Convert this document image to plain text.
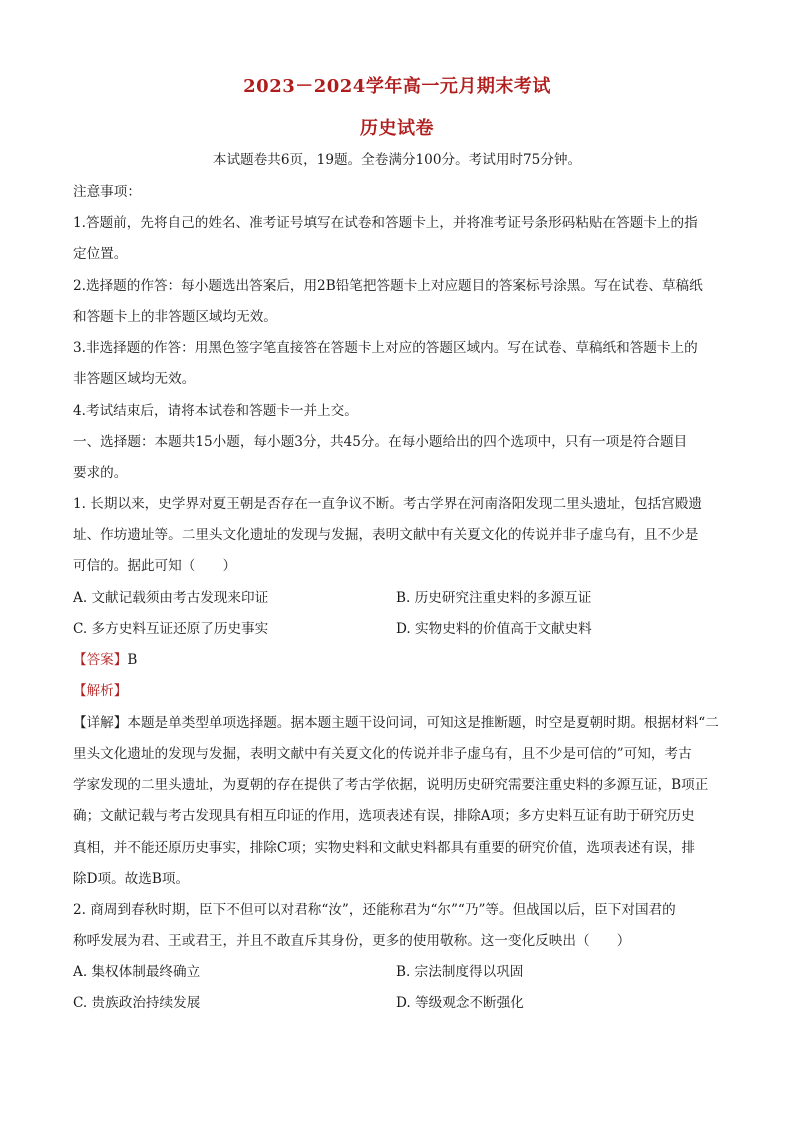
2023－2024学年高一元月期末考试
历史试卷
本试题卷共6页，19题。全卷满分100分。考试用时75分钟。
注意事项：
1.答题前，先将自己的姓名、准考证号填写在试卷和答题卡上，并将准考证号条形码粘贴在答题卡上的指
定位置。
2.选择题的作答：每小题选出答案后，用2B铅笔把答题卡上对应题目的答案标号涂黑。写在试卷、草稿纸
和答题卡上的非答题区域均无效。
3.非选择题的作答：用黑色签字笔直接答在答题卡上对应的答题区域内。写在试卷、草稿纸和答题卡上的
非答题区域均无效。
4.考试结束后，请将本试卷和答题卡一并上交。
一、选择题：本题共15小题，每小题3分，共45分。在每小题给出的四个选项中，只有一项是符合题目
要求的。
1. 长期以来，史学界对夏王朝是否存在一直争议不断。考古学界在河南洛阳发现二里头遗址，包括宫殿遗
址、作坊遗址等。二里头文化遗址的发现与发掘，表明文献中有关夏文化的传说并非子虚乌有，且不少是
可信的。据此可知（　　）
A. 文献记载须由考古发现来印证	B. 历史研究注重史料的多源互证
C. 多方史料互证还原了历史事实	D. 实物史料的价值高于文献史料
【答案】B
【解析】
【详解】本题是单类型单项选择题。据本题主题干设问词，可知这是推断题，时空是夏朝时期。根据材料“二
里头文化遗址的发现与发掘，表明文献中有关夏文化的传说并非子虚乌有，且不少是可信的”可知，考古
学家发现的二里头遗址，为夏朝的存在提供了考古学依据，说明历史研究需要注重史料的多源互证，B项正
确；文献记载与考古发现具有相互印证的作用，选项表述有误，排除A项；多方史料互证有助于研究历史
真相，并不能还原历史事实，排除C项；实物史料和文献史料都具有重要的研究价值，选项表述有误，排
除D项。故选B项。
2. 商周到春秋时期，臣下不但可以对君称“汝”，还能称君为“尔”“乃”等。但战国以后，臣下对国君的
称呼发展为君、王或君王，并且不敢直斥其身份，更多的使用敬称。这一变化反映出（　　）
A. 集权体制最终确立	B. 宗法制度得以巩固
C. 贵族政治持续发展	D. 等级观念不断强化
